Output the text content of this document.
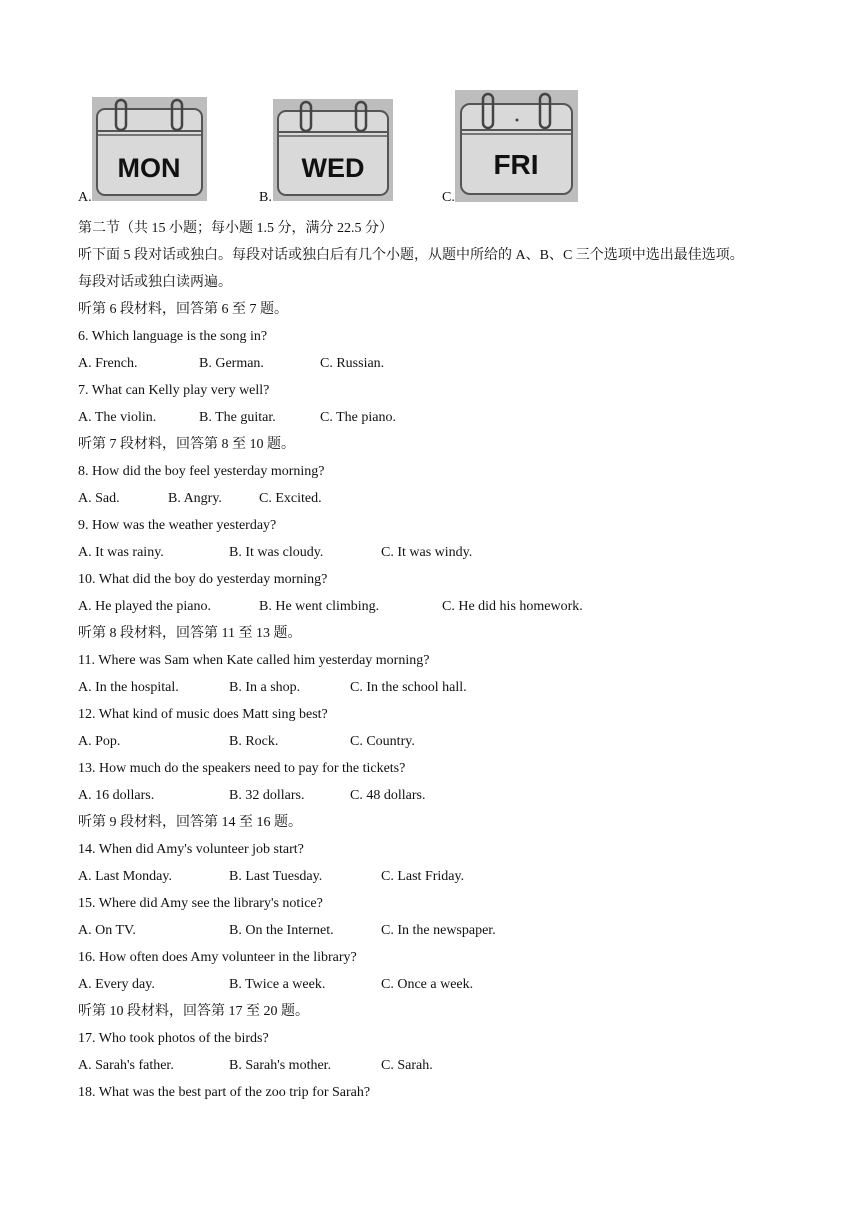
A.
MON
B.
WED
C.
FRI
第二节（共 15 小题；每小题 1.5 分，满分 22.5 分）
听下面 5 段对话或独白。每段对话或独白后有几个小题，从题中所给的 A、B、C 三个选项中选出最佳选项。
每段对话或独白读两遍。
听第 6 段材料，回答第 6 至 7 题。
6. Which language is the song in?
A. French.	B. German.	C. Russian.
7. What can Kelly play very well?
A. The violin.	B. The guitar.	C. The piano.
听第 7 段材料，回答第 8 至 10 题。
8. How did the boy feel yesterday morning?
A. Sad.	B. Angry.	C. Excited.
9. How was the weather yesterday?
A. It was rainy.	B. It was cloudy.	C. It was windy.
10. What did the boy do yesterday morning?
A. He played the piano.	B. He went climbing.	C. He did his homework.
听第 8 段材料，回答第 11 至 13 题。
11. Where was Sam when Kate called him yesterday morning?
A. In the hospital.	B. In a shop.	C. In the school hall.
12. What kind of music does Matt sing best?
A. Pop.	B. Rock.	C. Country.
13. How much do the speakers need to pay for the tickets?
A. 16 dollars.	B. 32 dollars.	C. 48 dollars.
听第 9 段材料，回答第 14 至 16 题。
14. When did Amy's volunteer job start?
A. Last Monday.	B. Last Tuesday.	C. Last Friday.
15. Where did Amy see the library's notice?
A. On TV.	B. On the Internet.	C. In the newspaper.
16. How often does Amy volunteer in the library?
A. Every day.	B. Twice a week.	C. Once a week.
听第 10 段材料，回答第 17 至 20 题。
17. Who took photos of the birds?
A. Sarah's father.	B. Sarah's mother.	C. Sarah.
18. What was the best part of the zoo trip for Sarah?
